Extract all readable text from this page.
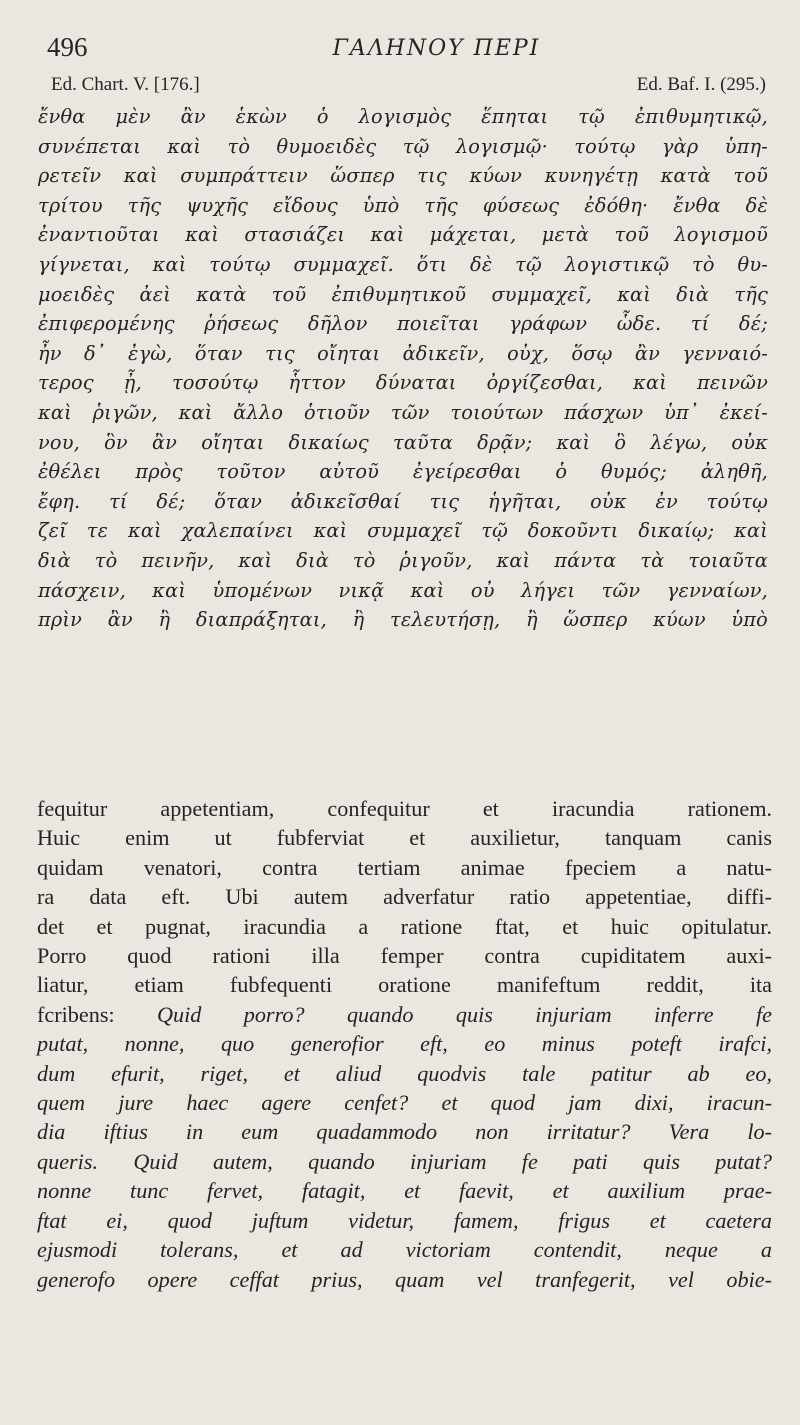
496	ΓΑΛΗΝΟΥ ΠΕΡΙ
Ed. Chart. V. [176.]	Ed. Baf. I. (295.)
ἔνθα μὲν ἂν ἑκὼν ὁ λογισμὸς ἕπηται τῷ ἐπιθυμητικῷ,
συνέπεται καὶ τὸ θυμοειδὲς τῷ λογισμῷ· τούτῳ γὰρ ὑπη-
ρετεῖν καὶ συμπράττειν ὥσπερ τις κύων κυνηγέτῃ κατὰ τοῦ
τρίτου τῆς ψυχῆς εἴδους ὑπὸ τῆς φύσεως ἐδόθη· ἔνθα δὲ
ἐναντιοῦται καὶ στασιάζει καὶ μάχεται, μετὰ τοῦ λογισμοῦ
γίγνεται, καὶ τούτῳ συμμαχεῖ. ὅτι δὲ τῷ λογιστικῷ τὸ θυ-
μοειδὲς ἀεὶ κατὰ τοῦ ἐπιθυμητικοῦ συμμαχεῖ, καὶ διὰ τῆς
ἐπιφερομένης ῥήσεως δῆλον ποιεῖται γράφων ὧδε. τί δέ;
ἦν δ᾽ ἐγὼ, ὅταν τις οἴηται ἀδικεῖν, οὐχ, ὅσῳ ἂν γενναιό-
τερος ᾖ, τοσούτῳ ἧττον δύναται ὀργίζεσθαι, καὶ πεινῶν
καὶ ῥιγῶν, καὶ ἄλλο ὁτιοῦν τῶν τοιούτων πάσχων ὑπ᾽ ἐκεί-
νου, ὃν ἂν οἴηται δικαίως ταῦτα δρᾷν; καὶ ὃ λέγω, οὐκ
ἐθέλει πρὸς τοῦτον αὐτοῦ ἐγείρεσθαι ὁ θυμός; ἀληθῆ,
ἔφη. τί δέ; ὅταν ἀδικεῖσθαί τις ἡγῆται, οὐκ ἐν τούτῳ
ζεῖ τε καὶ χαλεπαίνει καὶ συμμαχεῖ τῷ δοκοῦντι δικαίῳ; καὶ
διὰ τὸ πεινῆν, καὶ διὰ τὸ ῥιγοῦν, καὶ πάντα τὰ τοιαῦτα
πάσχειν, καὶ ὑπομένων νικᾷ καὶ οὐ λήγει τῶν γενναίων,
πρὶν ἂν ἢ διαπράξηται, ἢ τελευτήσῃ, ἢ ὥσπερ κύων ὑπὸ
fequitur appetentiam, confequitur et iracundia rationem.
Huic enim ut fubferviat et auxilietur, tanquam canis
quidam venatori, contra tertiam animae fpeciem a natu-
ra data eft. Ubi autem adverfatur ratio appetentiae, diffi-
det et pugnat, iracundia a ratione ftat, et huic opitulatur.
Porro quod rationi illa femper contra cupiditatem auxi-
liatur, etiam fubfequenti oratione manifeftum reddit, ita
fcribens: Quid porro? quando quis injuriam inferre fe
putat, nonne, quo generofior eft, eo minus poteft irafci,
dum efurit, riget, et aliud quodvis tale patitur ab eo,
quem jure haec agere cenfet? et quod jam dixi, iracun-
dia iftius in eum quadammodo non irritatur? Vera lo-
queris. Quid autem, quando injuriam fe pati quis putat?
nonne tunc fervet, fatagit, et faevit, et auxilium prae-
ftat ei, quod juftum videtur, famem, frigus et caetera
ejusmodi tolerans, et ad victoriam contendit, neque a
generofo opere ceffat prius, quam vel tranfegerit, vel obie-
